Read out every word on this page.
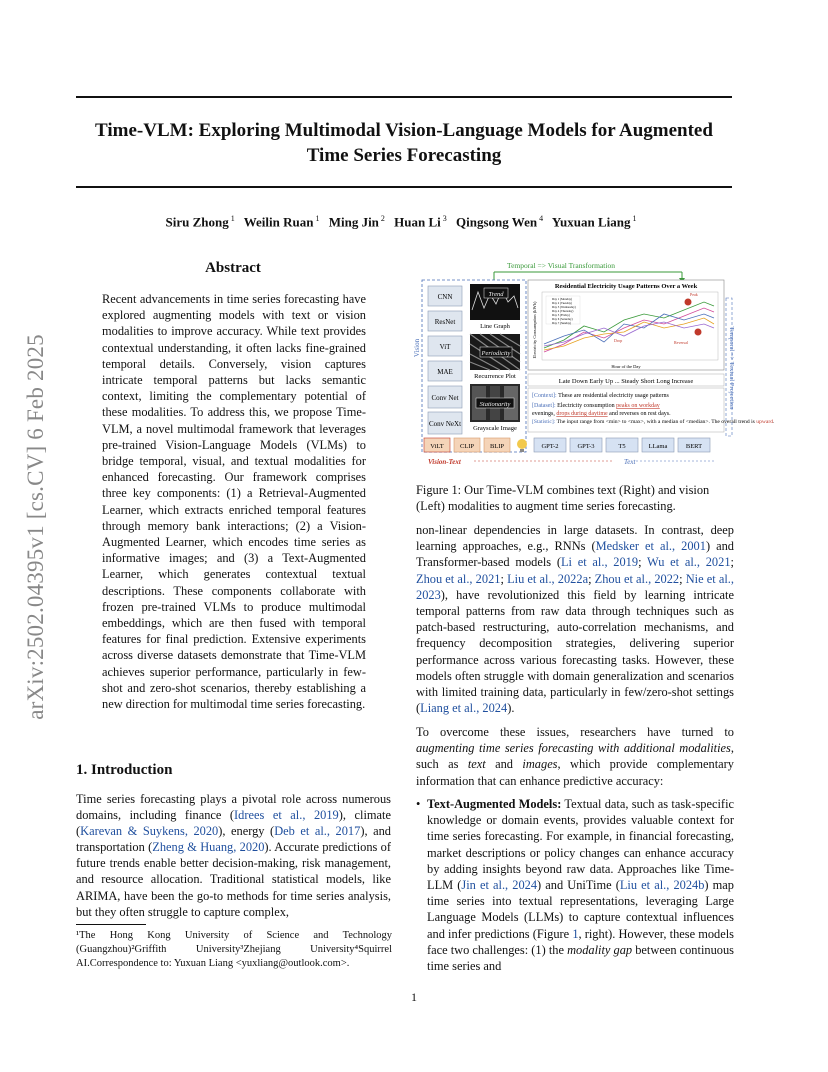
Time-VLM: Exploring Multimodal Vision-Language Models for Augmented
Time Series Forecasting
Siru Zhong $^1$ Weilin Ruan $^1$ Ming Jin $^2$ Huan Li $^3$ Qingsong Wen $^4$ Yuxuan Liang $^1$
arXiv:2502.04395v1 [cs.CV] 6 Feb 2025
Abstract
Recent advancements in time series forecasting have explored augmenting models with text or vision modalities to improve accuracy. While text provides contextual understanding, it often lacks fine-grained temporal details. Conversely, vision captures intricate temporal patterns but lacks semantic context, limiting the complementary potential of these modalities. To address this, we propose Time-VLM, a novel multimodal framework that leverages pre-trained Vision-Language Models (VLMs) to bridge temporal, visual, and textual modalities for enhanced forecasting. Our framework comprises three key components: (1) a Retrieval-Augmented Learner, which extracts enriched temporal features through memory bank interactions; (2) a Vision-Augmented Learner, which encodes time series as informative images; and (3) a Text-Augmented Learner, which generates contextual textual descriptions. These components collaborate with frozen pre-trained VLMs to produce multimodal embeddings, which are then fused with temporal features for final prediction. Extensive experiments across diverse datasets demonstrate that Time-VLM achieves superior performance, particularly in few-shot and zero-shot scenarios, thereby establishing a new direction for multimodal time series forecasting.
1. Introduction
Time series forecasting plays a pivotal role across numerous domains, including finance (Idrees et al., 2019), climate (Karevan & Suykens, 2020), energy (Deb et al., 2017), and transportation (Zheng & Huang, 2020). Accurate predictions of future trends enable better decision-making, risk management, and resource allocation. Traditional statistical models, like ARIMA, have been the go-to methods for time series analysis, but they often struggle to capture complex,
¹The Hong Kong University of Science and Technology (Guangzhou)²Griffith University³Zhejiang University⁴Squirrel AI.Correspondence to: Yuxuan Liang <yuxliang@outlook.com>.
1
Temporal => Visual Transformation
Vision
CNN
ResNet
ViT
MAE
Conv Net
Conv NeXt
Trend
Line Graph
Periodicity
Recurrence Plot
Stationarity
Grayscale Image
Residential Electricity Usage Patterns Over a Week
Electricity Consumption (kWh)
Hour of the Day
Day 1 (Monday)
Day 2 (Tuesday)
Day 3 (Wednesday)
Day 4 (Thursday)
Day 5 (Friday)
Day 6 (Saturday)
Day 7 (Sunday)
Peak
Drop	Reversal
Late Down Early Up ... Steady Short Long Increase
[Context]: These are residential electricity usage patterns
[Dataset]: Electricity consumption peaks on workday
evenings, drops during daytime and reverses on rest days.
[Statistic]: The input range from <min> to <max>, with a median of <median>. The overall trend is upward.
Temporal => Textual Projection
ViLT CLIP BLIP	GPT-2	GPT-3	T5	LLama	BERT
Vision-Text	Text
Figure 1: Our Time-VLM combines text (Right) and vision (Left) modalities to augment time series forecasting.
non-linear dependencies in large datasets. In contrast, deep learning approaches, e.g., RNNs (Medsker et al., 2001) and Transformer-based models (Li et al., 2019; Wu et al., 2021; Zhou et al., 2021; Liu et al., 2022a; Zhou et al., 2022; Nie et al., 2023), have revolutionized this field by learning intricate temporal patterns from raw data through techniques such as patch-based restructuring, auto-correlation mechanisms, and frequency decomposition strategies, delivering superior performance across various forecasting tasks. However, these models often struggle with domain generalization and scenarios with limited training data, particularly in few/zero-shot settings (Liang et al., 2024).
To overcome these issues, researchers have turned to augmenting time series forecasting with additional modalities, such as text and images, which provide complementary information that can enhance predictive accuracy:
• Text-Augmented Models: Textual data, such as task-specific knowledge or domain events, provides valuable context for time series forecasting. For example, in financial forecasting, market descriptions or policy changes can enhance accuracy by adding insights beyond raw data. Approaches like Time-LLM (Jin et al., 2024) and UniTime (Liu et al., 2024b) map time series into textual representations, leveraging Large Language Models (LLMs) to capture contextual influences and infer predictions (Figure 1, right). However, these models face two challenges: (1) the modality gap between continuous time series and
